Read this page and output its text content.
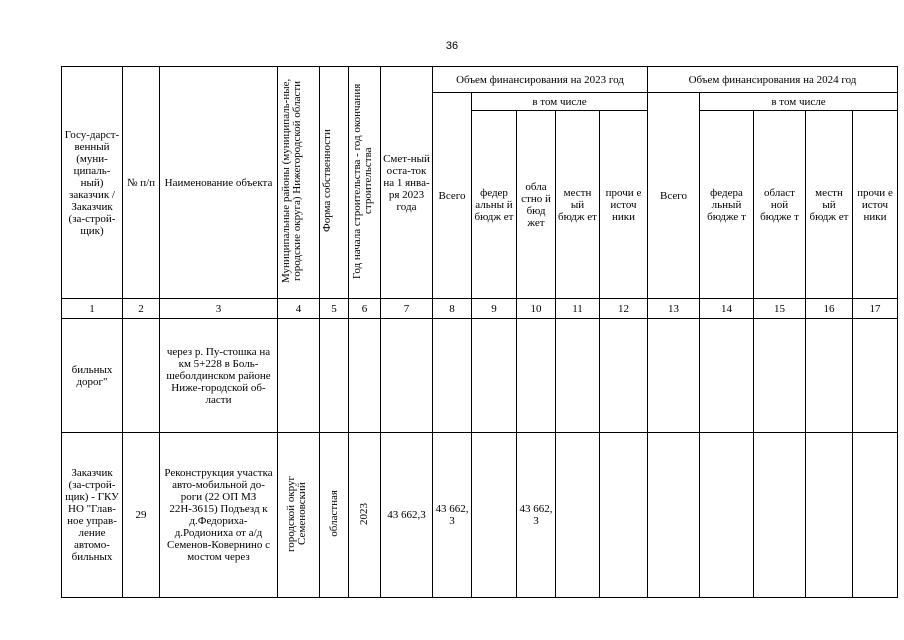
36
Госу-дарст-венный (муни-ципаль-ный) заказчик / Заказчик (за-строй-щик)	№ п/п	Наименование объекта	Муниципальные районы (муниципаль-ные, городские округа) Нижегородской области	Форма собственности	Год начала строительства - год окончания строительства	Смет-ный оста-ток на 1 янва-ря 2023 года	Объем финансирования на 2023 год					Объем финансирования на 2024 год				
							Всего	в том числе				Всего	в том числе			
								федер альны й бюдж ет	обла стно й бюд жет	местн ый бюдж ет	прочи е источ ники		федера льный бюдже т	област ной бюдже т	местн ый бюдж ет	прочи е источ ники
1	2	3	4	5	6	7	8	9	10	11	12	13	14	15	16	17
бильных дорог"		через р. Пу-стошка на км 5+228 в Боль-шеболдинском районе Ниже-городской об-ласти														
Заказчик (за-строй-щик) - ГКУ НО "Глав-ное управ-ление автомо-бильных	29	Реконструкция участка авто-мобильной до-роги (22 ОП МЗ 22Н-3615) Подъезд к д.Федориха-д.Родиониха от а/д Семенов-Ковернино с мостом через	городской округ Семеновский	областная	2023	43 662,3	43 662, 3		43 662, 3							
